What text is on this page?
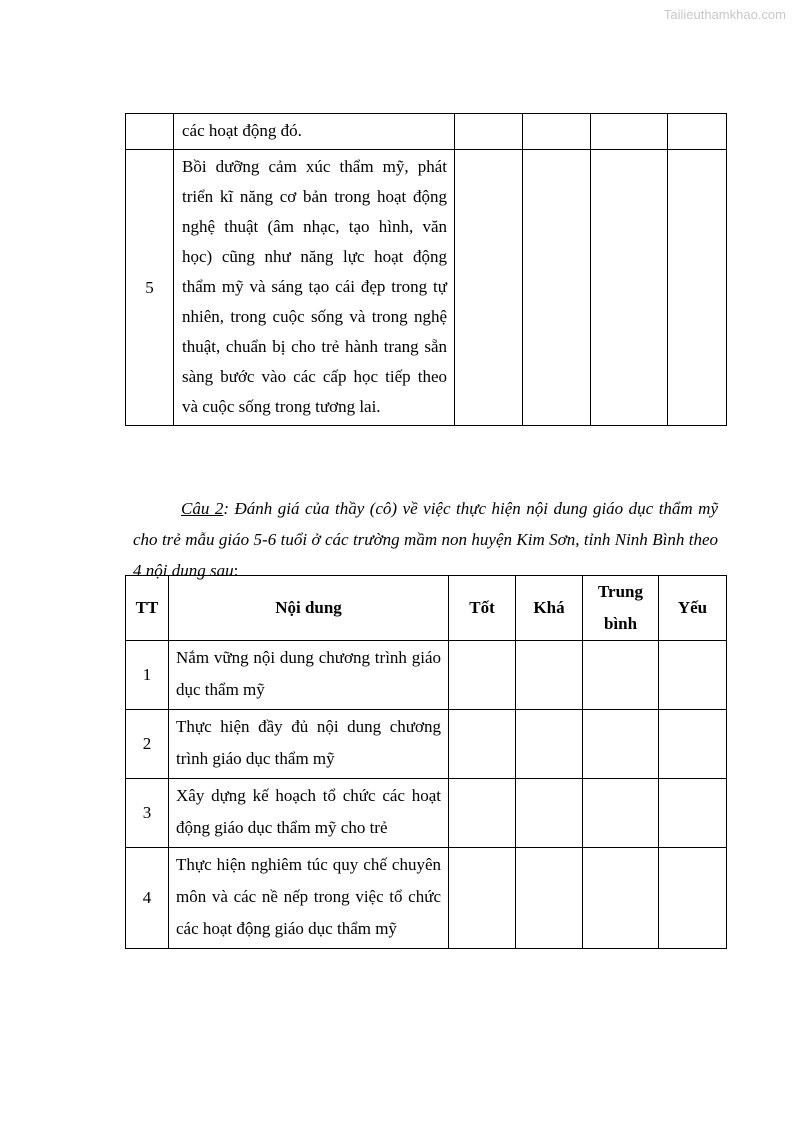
Tailieuthamkhao.com
	các hoạt động đó.				
5	Bồi dưỡng cảm xúc thẩm mỹ, phát triển kĩ năng cơ bản trong hoạt động nghệ thuật (âm nhạc, tạo hình, văn học) cũng như năng lực hoạt động thẩm mỹ và sáng tạo cái đẹp trong tự nhiên, trong cuộc sống và trong nghệ thuật, chuẩn bị cho trẻ hành trang sẵn sàng bước vào các cấp học tiếp theo và cuộc sống trong tương lai.				

Câu 2: Đánh giá của thầy (cô) về việc thực hiện nội dung giáo dục thẩm mỹ cho trẻ mẫu giáo 5-6 tuổi ở các trường mầm non huyện Kim Sơn, tỉnh Ninh Bình theo 4 nội dung sau:

TT	Nội dung	Tốt	Khá	Trung bình	Yếu
1	Nắm vững nội dung chương trình giáo dục thẩm mỹ				
2	Thực hiện đầy đủ nội dung chương trình giáo dục thẩm mỹ				
3	Xây dựng kế hoạch tổ chức các hoạt động giáo dục thẩm mỹ cho trẻ				
4	Thực hiện nghiêm túc quy chế chuyên môn và các nề nếp trong việc tổ chức các hoạt động giáo dục thẩm mỹ				
